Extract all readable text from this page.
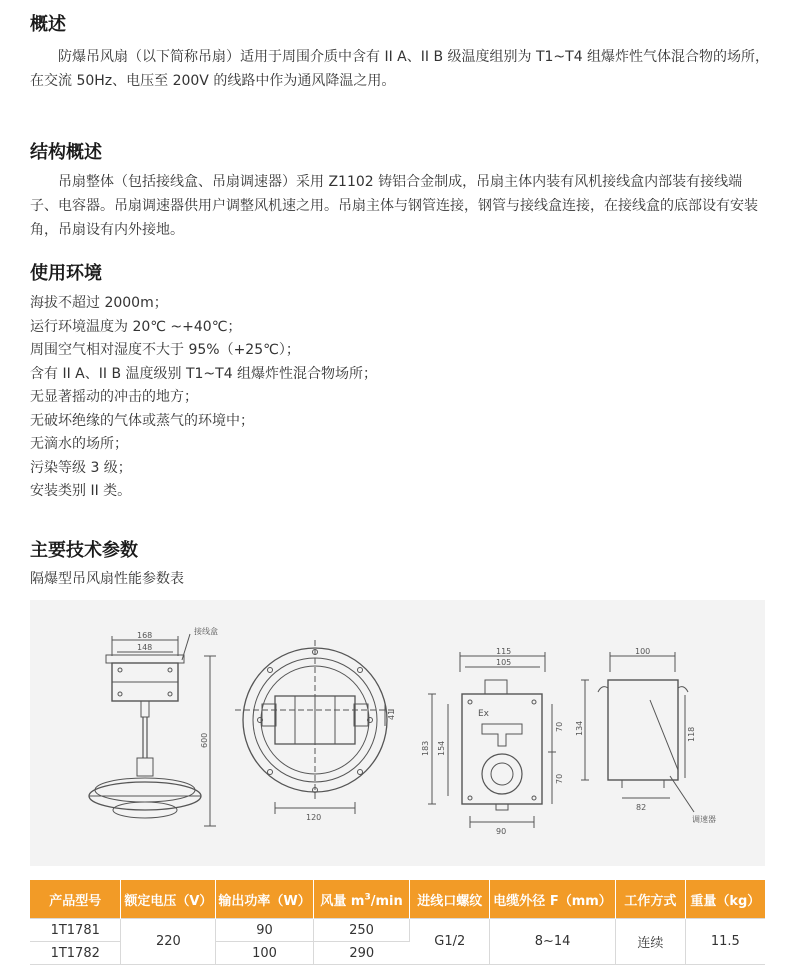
概述

防爆吊风扇（以下简称吊扇）适用于周围介质中含有 II A、II B 级温度组别为 T1~T4 组爆炸性气体混合物的场所，在交流 50Hz、电压至 200V 的线路中作为通风降温之用。

结构概述

吊扇整体（包括接线盒、吊扇调速器）采用 Z1102 铸铝合金制成，吊扇主体内装有风机接线盒内部装有接线端子、电容器。吊扇调速器供用户调整风机速之用。吊扇主体与钢管连接，钢管与接线盒连接，在接线盒的底部设有安装角，吊扇设有内外接地。

使用环境
海拔不超过 2000m；
运行环境温度为 20℃ ~+40℃；
周围空气相对湿度不大于 95%（+25℃）；
含有 II A、II B 温度级别 T1~T4 组爆炸性混合物场所；
无显著摇动的冲击的地方；
无破坏绝缘的气体或蒸气的环境中；
无滴水的场所；
污染等级 3 级；
安装类别 II 类。
主要技术参数

隔爆型吊风扇性能参数表

168
148
接线盒
600
120
41
115
105
Ex
183 154
70
70
90
100
134	118
82
调速器
产品型号	额定电压（V）	输出功率（W）	风量 $m^3/\min$	进线口螺纹	电缆外径 F（mm）	工作方式	重量（kg）
1T1781	220	90	250	G1/2	8~14	连续	11.5
1T1782		100	290				
